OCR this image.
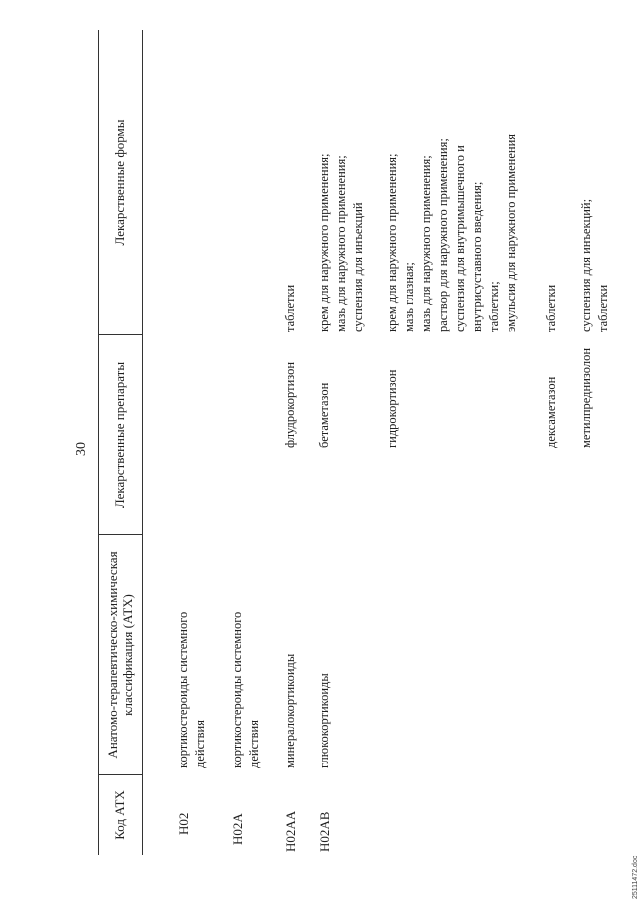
30
Код АТХ
Анатомо-терапевтическо-химическая
классификация (АТХ)
Лекарственные препараты
Лекарственные формы
H02
кортикостероиды системного
действия
H02A
кортикостероиды системного
действия
H02AA
минералокортикоиды
флудрокортизон
таблетки
H02AB
глюкокортикоиды
бетаметазон
крем для наружного применения;
мазь для наружного применения;
суспензия для инъекций
гидрокортизон
крем для наружного применения;
мазь глазная;
мазь для наружного применения;
раствор для наружного применения;
суспензия для внутримышечного и
внутрисуставного введения;
таблетки;
эмульсия для наружного применения
дексаметазон
таблетки
метилпреднизолон
суспензия для инъекций;
таблетки
25111472.doc
